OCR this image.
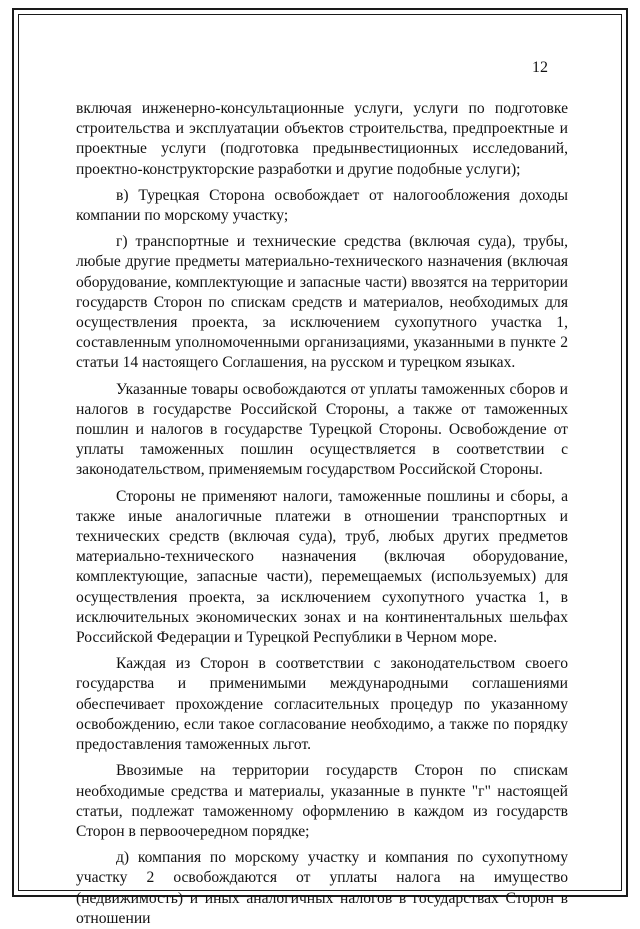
12

включая инженерно-консультационные услуги, услуги по подготовке строительства и эксплуатации объектов строительства, предпроектные и проектные услуги (подготовка предынвестиционных исследований, проектно-конструкторские разработки и другие подобные услуги);

в) Турецкая Сторона освобождает от налогообложения доходы компании по морскому участку;

г) транспортные и технические средства (включая суда), трубы, любые другие предметы материально-технического назначения (включая оборудование, комплектующие и запасные части) ввозятся на территории государств Сторон по спискам средств и материалов, необходимых для осуществления проекта, за исключением сухопутного участка 1, составленным уполномоченными организациями, указанными в пункте 2 статьи 14 настоящего Соглашения, на русском и турецком языках.

Указанные товары освобождаются от уплаты таможенных сборов и налогов в государстве Российской Стороны, а также от таможенных пошлин и налогов в государстве Турецкой Стороны. Освобождение от уплаты таможенных пошлин осуществляется в соответствии с законодательством, применяемым государством Российской Стороны.

Стороны не применяют налоги, таможенные пошлины и сборы, а также иные аналогичные платежи в отношении транспортных и технических средств (включая суда), труб, любых других предметов материально-технического назначения (включая оборудование, комплектующие, запасные части), перемещаемых (используемых) для осуществления проекта, за исключением сухопутного участка 1, в исключительных экономических зонах и на континентальных шельфах Российской Федерации и Турецкой Республики в Черном море.

Каждая из Сторон в соответствии с законодательством своего государства и применимыми международными соглашениями обеспечивает прохождение согласительных процедур по указанному освобождению, если такое согласование необходимо, а также по порядку предоставления таможенных льгот.

Ввозимые на территории государств Сторон по спискам необходимые средства и материалы, указанные в пункте "г" настоящей статьи, подлежат таможенному оформлению в каждом из государств Сторон в первоочередном порядке;

д) компания по морскому участку и компания по сухопутному участку 2 освобождаются от уплаты налога на имущество (недвижимость) и иных аналогичных налогов в государствах Сторон в отношении
